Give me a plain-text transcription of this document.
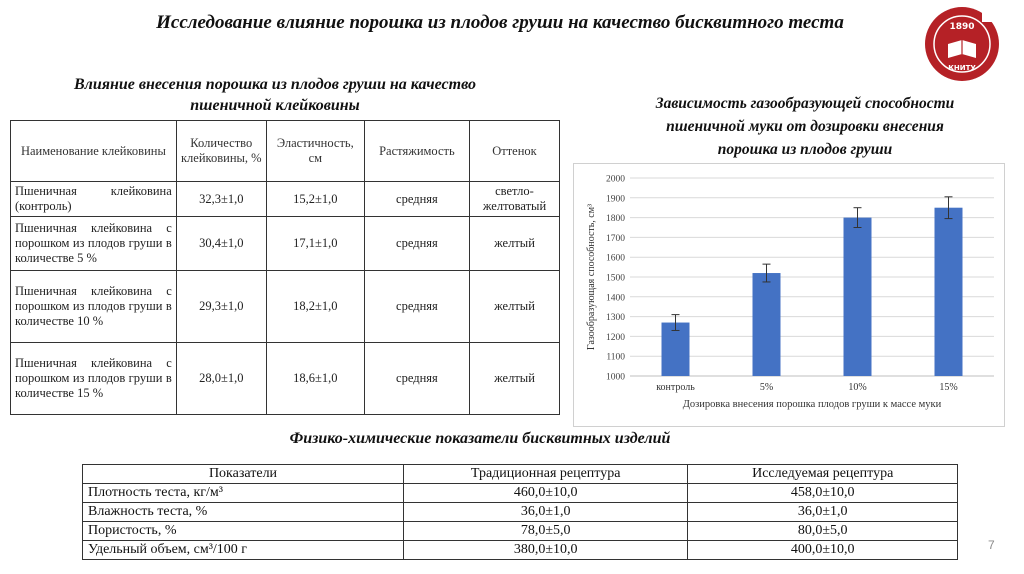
Исследование влияние порошка из плодов груши на качество бисквитного теста	1890
КНИТУ
Влияние внесения порошка из плодов груши на качество
пшеничной клейковины
Наименование клейковины	Количество клейковины, %	Эластичность, см	Растяжимость	Оттенок
Пшеничная клейковина (контроль)	32,3±1,0	15,2±1,0	средняя	светло-желтоватый
Пшеничная клейковина с порошком из плодов груши в количестве 5 %	30,4±1,0	17,1±1,0	средняя	желтый
Пшеничная клейковина с порошком из плодов груши в количестве 10 %	29,3±1,0	18,2±1,0	средняя	желтый
Пшеничная клейковина с порошком из плодов груши в количестве 15 %	28,0±1,0	18,6±1,0	средняя	желтый
Зависимость газообразующей способности
пшеничной муки от дозировки внесения
порошка из плодов груши
1000
1100
1200
1300
1400
1500
1600
1700
1800
1900
2000
контроль	5%	10%	15%
Дозировка внесения порошка плодов груши к массе муки
Газообразующая способность, см³
Физико-химические показатели бисквитных изделий
Показатели	Традиционная рецептура	Исследуемая рецептура
Плотность теста, кг/м³	460,0±10,0	458,0±10,0
Влажность теста, %	36,0±1,0	36,0±1,0
Пористость, %	78,0±5,0	80,0±5,0
Удельный объем, см³/100 г	380,0±10,0	400,0±10,0	7
